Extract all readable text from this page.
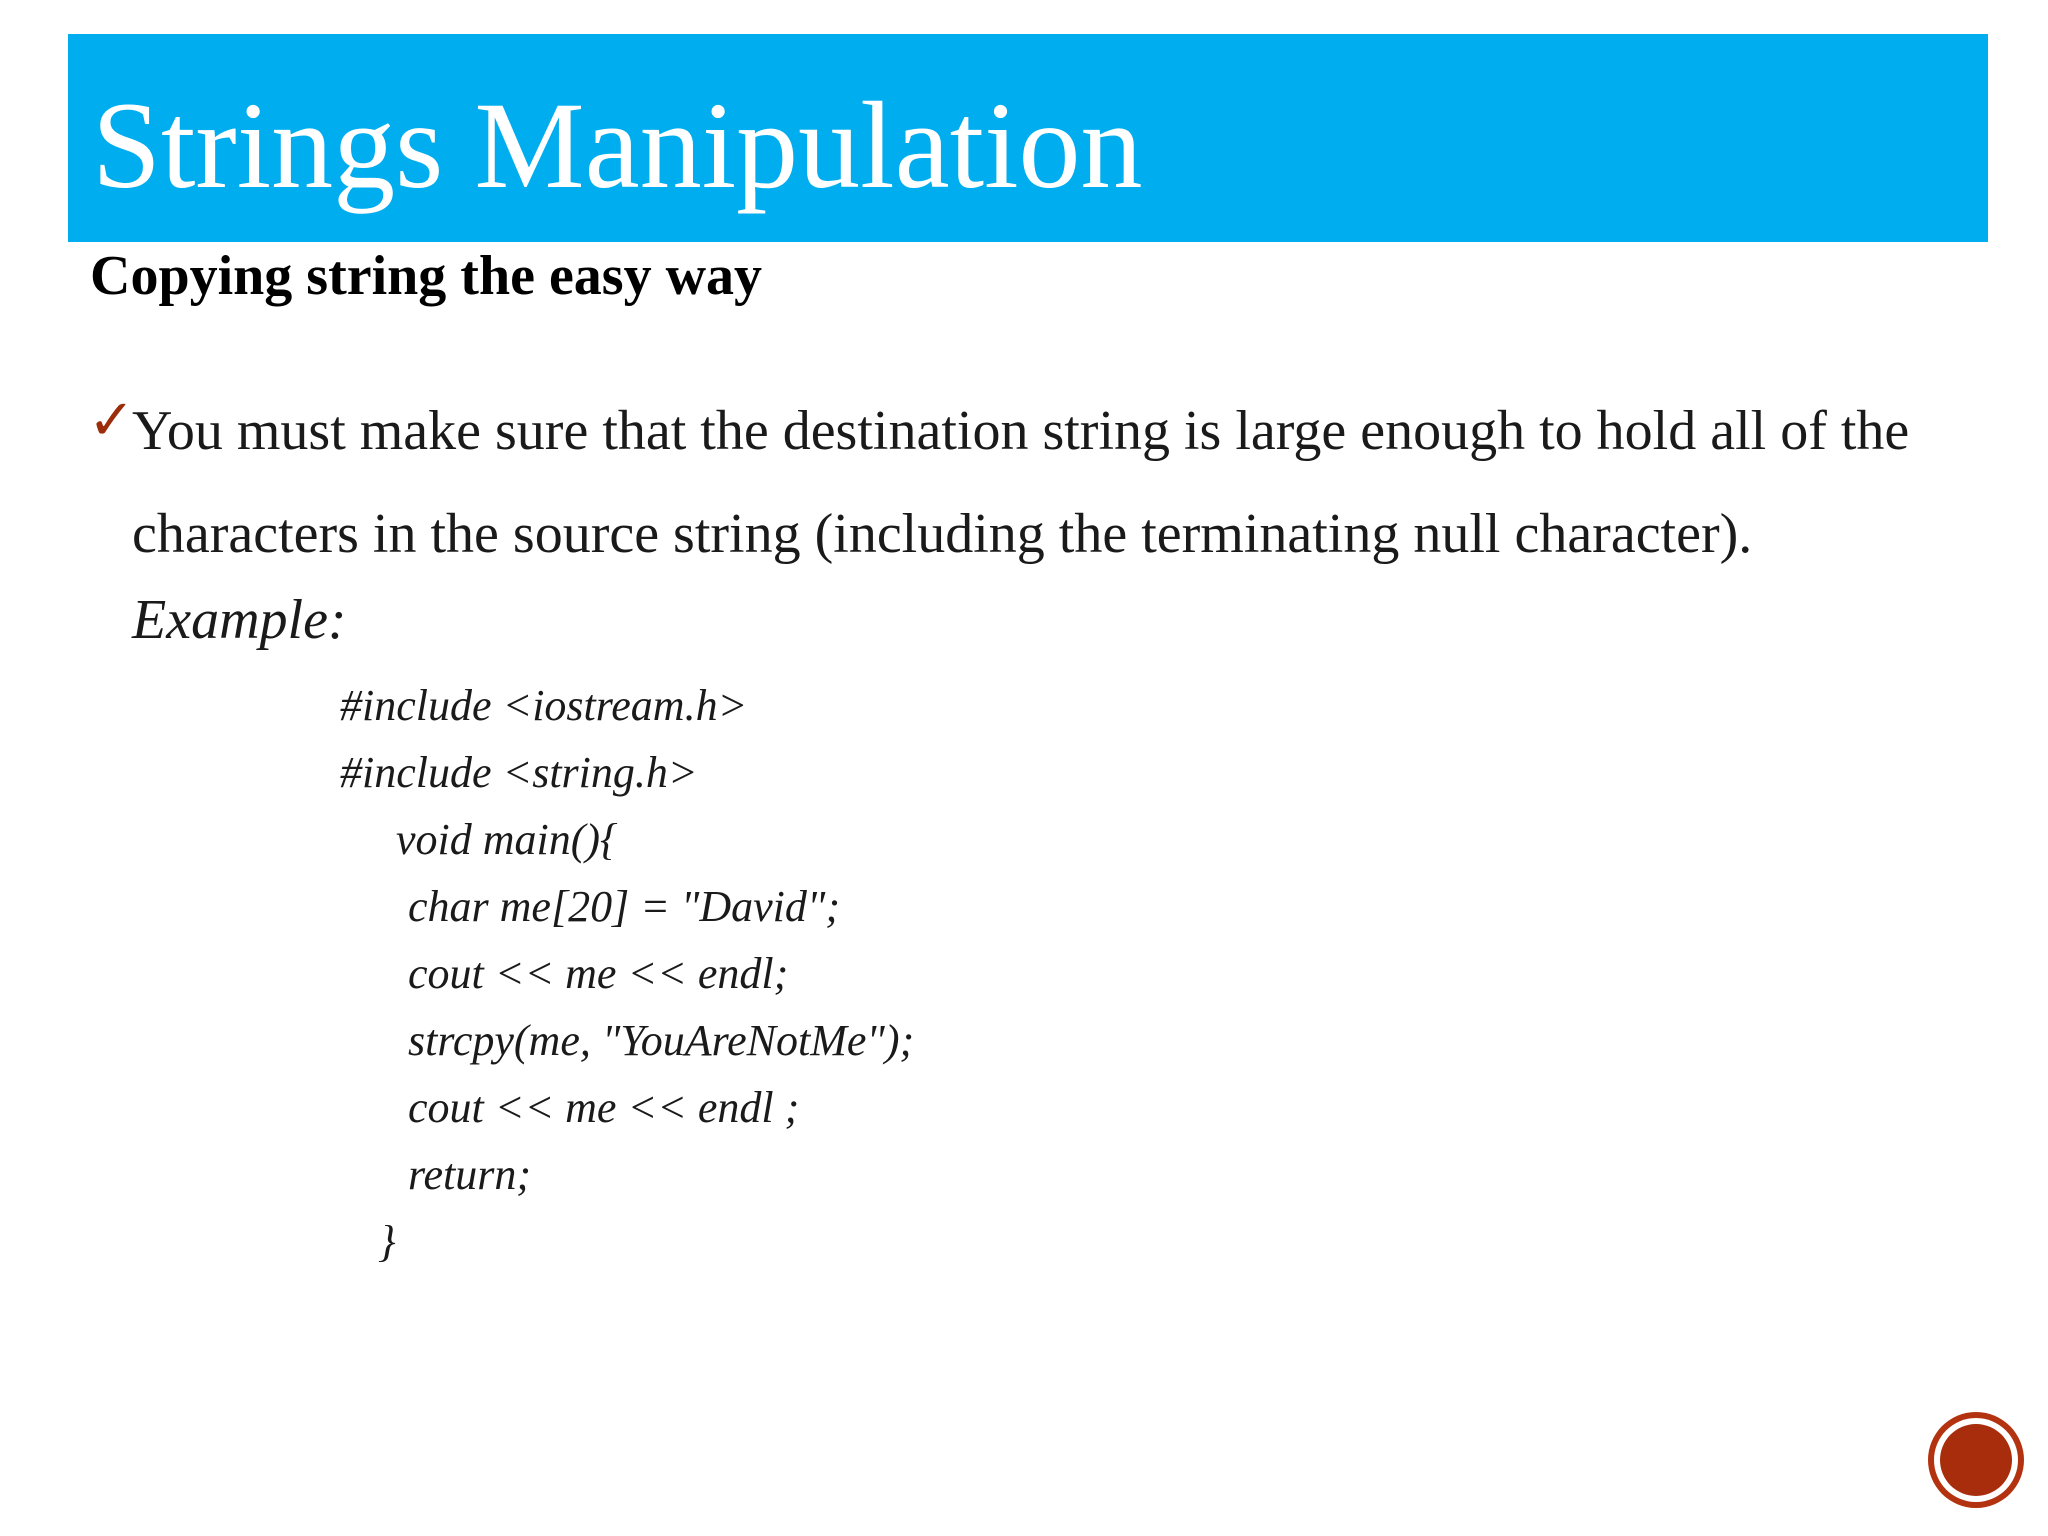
Strings Manipulation
Copying string the easy way
✓
You must make sure that the destination string is large enough to hold all of the characters in the source string (including the terminating null character).
Example:
#include <iostream.h>
#include <string.h>
void main(){
char me[20] = "David";
cout << me << endl;
strcpy(me, "YouAreNotMe");
cout << me << endl ;
return;
}
